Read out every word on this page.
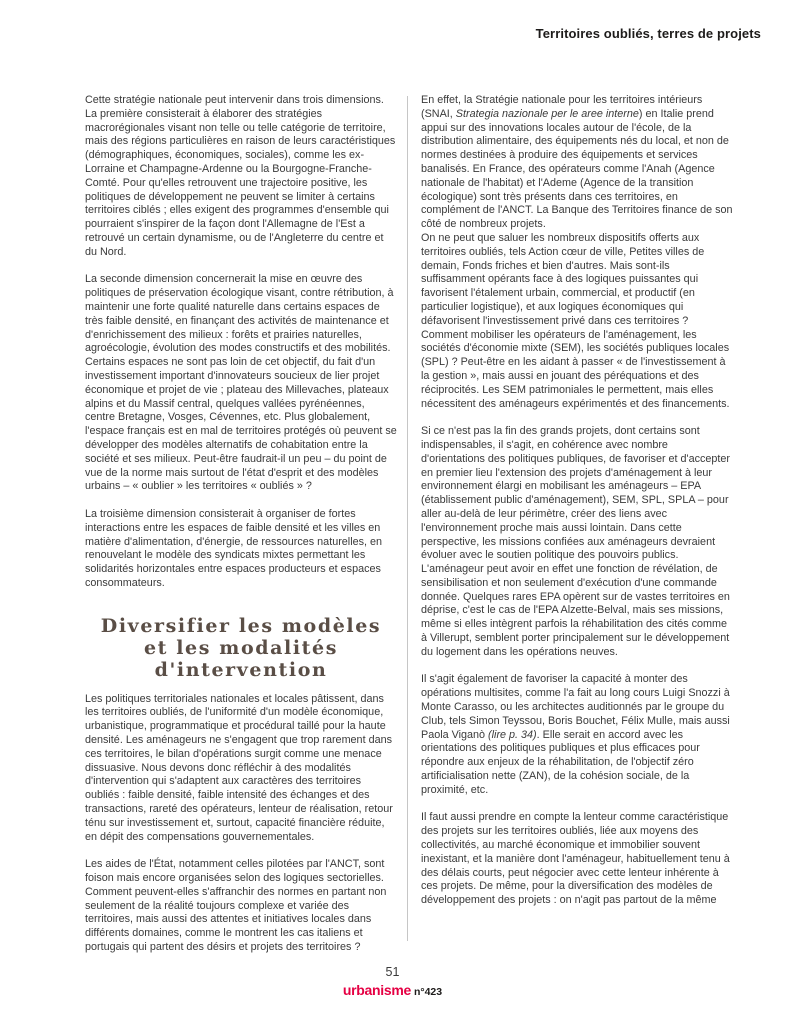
Territoires oubliés, terres de projets

Cette stratégie nationale peut intervenir dans trois dimensions. La première consisterait à élaborer des stratégies macrorégionales visant non telle ou telle catégorie de territoire, mais des régions particulières en raison de leurs caractéristiques (démographiques, économiques, sociales), comme les ex-Lorraine et Champagne-Ardenne ou la Bourgogne-Franche-Comté. Pour qu'elles retrouvent une trajectoire positive, les politiques de développement ne peuvent se limiter à certains territoires ciblés ; elles exigent des programmes d'ensemble qui pourraient s'inspirer de la façon dont l'Allemagne de l'Est a retrouvé un certain dynamisme, ou de l'Angleterre du centre et du Nord.

La seconde dimension concernerait la mise en œuvre des politiques de préservation écologique visant, contre rétribution, à maintenir une forte qualité naturelle dans certains espaces de très faible densité, en finançant des activités de maintenance et d'enrichissement des milieux : forêts et prairies naturelles, agroécologie, évolution des modes constructifs et des mobilités. Certains espaces ne sont pas loin de cet objectif, du fait d'un investissement important d'innovateurs soucieux de lier projet économique et projet de vie ; plateau des Millevaches, plateaux alpins et du Massif central, quelques vallées pyrénéennes, centre Bretagne, Vosges, Cévennes, etc. Plus globalement, l'espace français est en mal de territoires protégés où peuvent se développer des modèles alternatifs de cohabitation entre la société et ses milieux. Peut-être faudrait-il un peu – du point de vue de la norme mais surtout de l'état d'esprit et des modèles urbains – « oublier » les territoires « oubliés » ?

La troisième dimension consisterait à organiser de fortes interactions entre les espaces de faible densité et les villes en matière d'alimentation, d'énergie, de ressources naturelles, en renouvelant le modèle des syndicats mixtes permettant les solidarités horizontales entre espaces producteurs et espaces consommateurs.

Diversifier les modèles
et les modalités d'intervention

Les politiques territoriales nationales et locales pâtissent, dans les territoires oubliés, de l'uniformité d'un modèle économique, urbanistique, programmatique et procédural taillé pour la haute densité. Les aménageurs ne s'engagent que trop rarement dans ces territoires, le bilan d'opérations surgit comme une menace dissuasive. Nous devons donc réfléchir à des modalités d'intervention qui s'adaptent aux caractères des territoires oubliés : faible densité, faible intensité des échanges et des transactions, rareté des opérateurs, lenteur de réalisation, retour ténu sur investissement et, surtout, capacité financière réduite, en dépit des compensations gouvernementales.

Les aides de l'État, notamment celles pilotées par l'ANCT, sont foison mais encore organisées selon des logiques sectorielles. Comment peuvent-elles s'affranchir des normes en partant non seulement de la réalité toujours complexe et variée des territoires, mais aussi des attentes et initiatives locales dans différents domaines, comme le montrent les cas italiens et portugais qui partent des désirs et projets des territoires ?

En effet, la Stratégie nationale pour les territoires intérieurs (SNAI, Strategia nazionale per le aree interne) en Italie prend appui sur des innovations locales autour de l'école, de la distribution alimentaire, des équipements nés du local, et non de normes destinées à produire des équipements et services banalisés. En France, des opérateurs comme l'Anah (Agence nationale de l'habitat) et l'Ademe (Agence de la transition écologique) sont très présents dans ces territoires, en complément de l'ANCT. La Banque des Territoires finance de son côté de nombreux projets.

On ne peut que saluer les nombreux dispositifs offerts aux territoires oubliés, tels Action cœur de ville, Petites villes de demain, Fonds friches et bien d'autres. Mais sont-ils suffisamment opérants face à des logiques puissantes qui favorisent l'étalement urbain, commercial, et productif (en particulier logistique), et aux logiques économiques qui défavorisent l'investissement privé dans ces territoires ? Comment mobiliser les opérateurs de l'aménagement, les sociétés d'économie mixte (SEM), les sociétés publiques locales (SPL) ? Peut-être en les aidant à passer « de l'investissement à la gestion », mais aussi en jouant des péréquations et des réciprocités. Les SEM patrimoniales le permettent, mais elles nécessitent des aménageurs expérimentés et des financements.

Si ce n'est pas la fin des grands projets, dont certains sont indispensables, il s'agit, en cohérence avec nombre d'orientations des politiques publiques, de favoriser et d'accepter en premier lieu l'extension des projets d'aménagement à leur environnement élargi en mobilisant les aménageurs – EPA (établissement public d'aménagement), SEM, SPL, SPLA – pour aller au-delà de leur périmètre, créer des liens avec l'environnement proche mais aussi lointain. Dans cette perspective, les missions confiées aux aménageurs devraient évoluer avec le soutien politique des pouvoirs publics. L'aménageur peut avoir en effet une fonction de révélation, de sensibilisation et non seulement d'exécution d'une commande donnée. Quelques rares EPA opèrent sur de vastes territoires en déprise, c'est le cas de l'EPA Alzette-Belval, mais ses missions, même si elles intègrent parfois la réhabilitation des cités comme à Villerupt, semblent porter principalement sur le développement du logement dans les opérations neuves.

Il s'agit également de favoriser la capacité à monter des opérations multisites, comme l'a fait au long cours Luigi Snozzi à Monte Carasso, ou les architectes auditionnés par le groupe du Club, tels Simon Teyssou, Boris Bouchet, Félix Mulle, mais aussi Paola Viganò (lire p. 34). Elle serait en accord avec les orientations des politiques publiques et plus efficaces pour répondre aux enjeux de la réhabilitation, de l'objectif zéro artificialisation nette (ZAN), de la cohésion sociale, de la proximité, etc.

Il faut aussi prendre en compte la lenteur comme caractéristique des projets sur les territoires oubliés, liée aux moyens des collectivités, au marché économique et immobilier souvent inexistant, et la manière dont l'aménageur, habituellement tenu à des délais courts, peut négocier avec cette lenteur inhérente à ces projets. De même, pour la diversification des modèles de développement des projets : on n'agit pas partout de la même

51
urbanisme n°423
